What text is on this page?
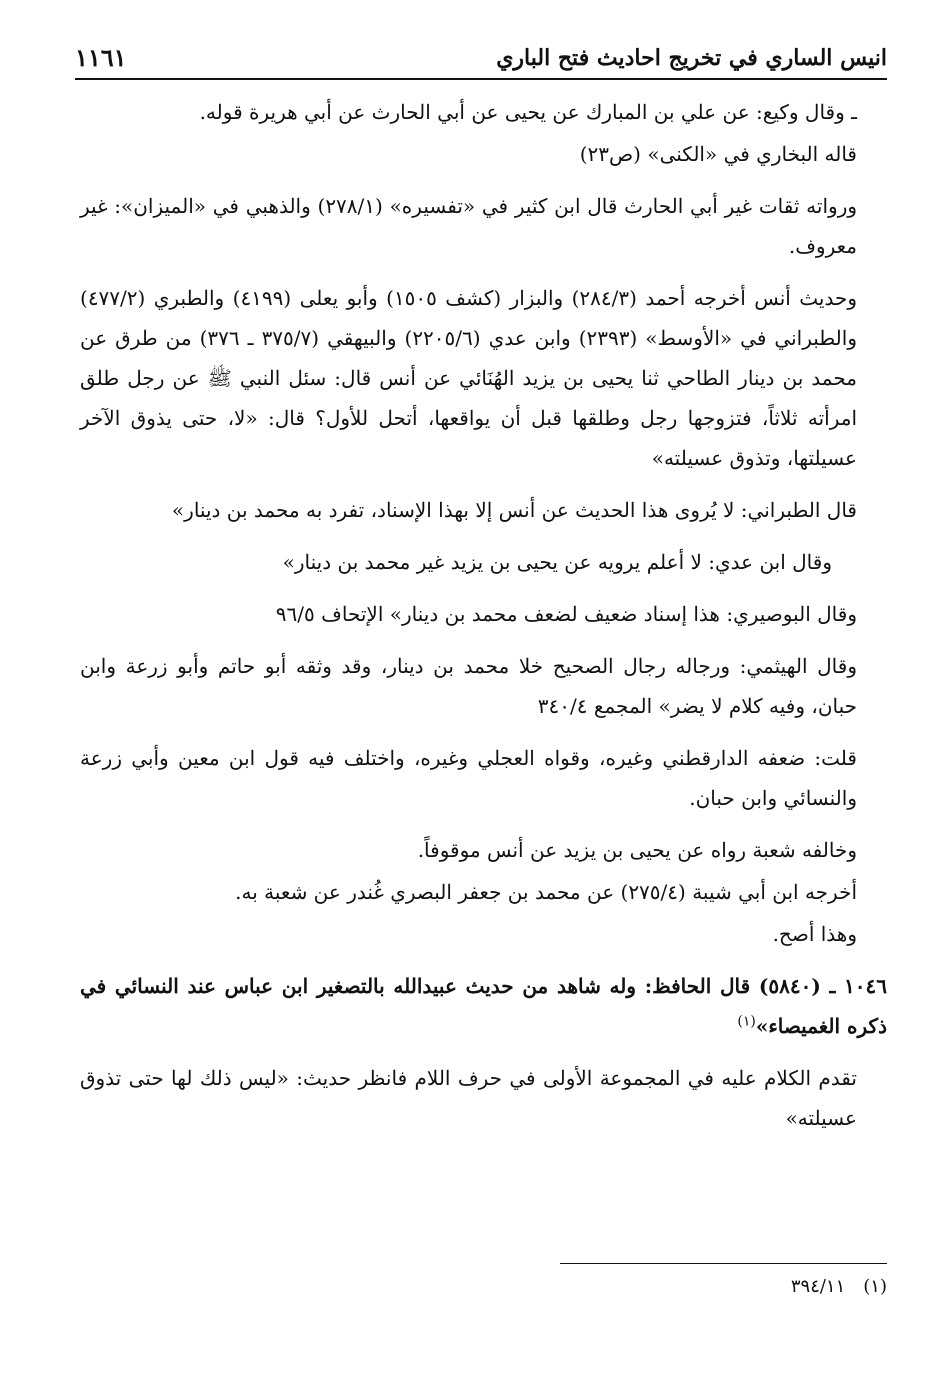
انيس الساري في تخريج احاديث فتح الباري
١١٦١

ـ وقال وكيع: عن علي بن المبارك عن يحيى عن أبي الحارث عن أبي هريرة قوله.

قاله البخاري في «الكنى» (ص٢٣)

ورواته ثقات غير أبي الحارث قال ابن كثير في «تفسيره» (٢٧٨/١) والذهبي في «الميزان»: غير معروف.

وحديث أنس أخرجه أحمد (٢٨٤/٣) والبزار (كشف ١٥٠٥) وأبو يعلى (٤١٩٩) والطبري (٤٧٧/٢) والطبراني في «الأوسط» (٢٣٩٣) وابن عدي (٢٢٠٥/٦) والبيهقي (٣٧٥/٧ ـ ٣٧٦) من طرق عن محمد بن دينار الطاحي ثنا يحيى بن يزيد الهُنَائي عن أنس قال: سئل النبي ﷺ عن رجل طلق امرأته ثلاثاً، فتزوجها رجل وطلقها قبل أن يواقعها، أتحل للأول؟ قال: «لا، حتى يذوق الآخر عسيلتها، وتذوق عسيلته»

قال الطبراني: لا يُروى هذا الحديث عن أنس إلا بهذا الإسناد، تفرد به محمد بن دينار»

وقال ابن عدي: لا أعلم يرويه عن يحيى بن يزيد غير محمد بن دينار»

وقال البوصيري: هذا إسناد ضعيف لضعف محمد بن دينار» الإتحاف ٩٦/٥

وقال الهيثمي: ورجاله رجال الصحيح خلا محمد بن دينار، وقد وثقه أبو حاتم وأبو زرعة وابن حبان، وفيه كلام لا يضر» المجمع ٣٤٠/٤

قلت: ضعفه الدارقطني وغيره، وقواه العجلي وغيره، واختلف فيه قول ابن معين وأبي زرعة والنسائي وابن حبان.

وخالفه شعبة رواه عن يحيى بن يزيد عن أنس موقوفاً.

أخرجه ابن أبي شيبة (٢٧٥/٤) عن محمد بن جعفر البصري غُندر عن شعبة به.

وهذا أصح.

١٠٤٦ ـ (٥٨٤٠) قال الحافظ: وله شاهد من حديث عبيدالله بالتصغير ابن عباس عند النسائي في ذكره الغميصاء»$^{(١)}$

تقدم الكلام عليه في المجموعة الأولى في حرف اللام فانظر حديث: «ليس ذلك لها حتى تذوق عسيلته»

(١)٣٩٤/١١
